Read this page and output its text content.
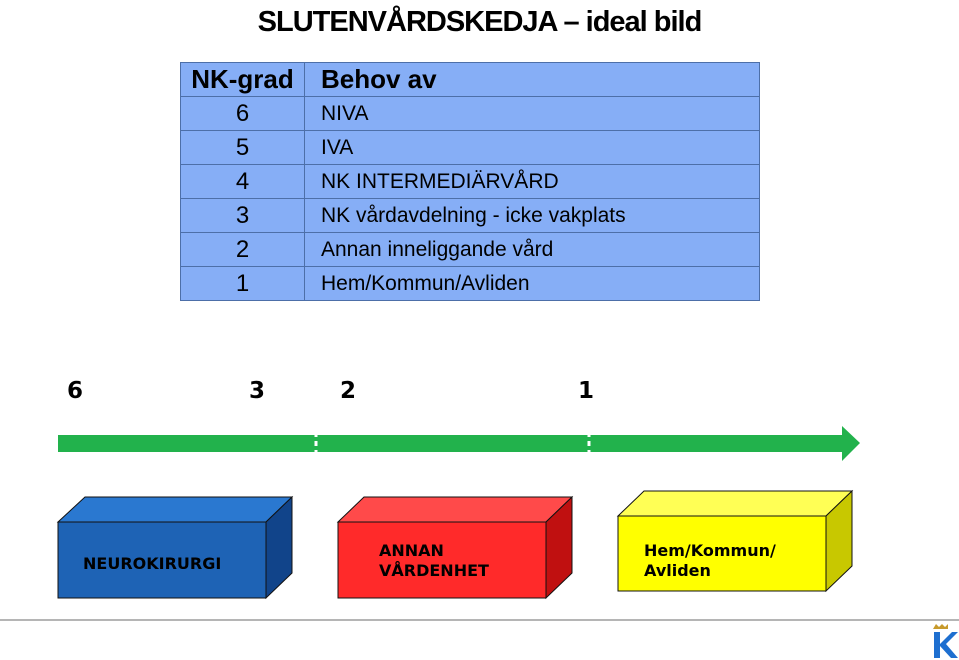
SLUTENVÅRDSKEDJA – ideal bild
NK-grad	Behov av
6	NIVA
5	IVA
4	NK INTERMEDIÄRVÅRD
3	NK vårdavdelning - icke vakplats
2	Annan inneliggande vård
1	Hem/Kommun/Avliden
6	3	2	1
NEUROKIRURGI
ANNAN
VÅRDENHET
Hem/Kommun/
Avliden
